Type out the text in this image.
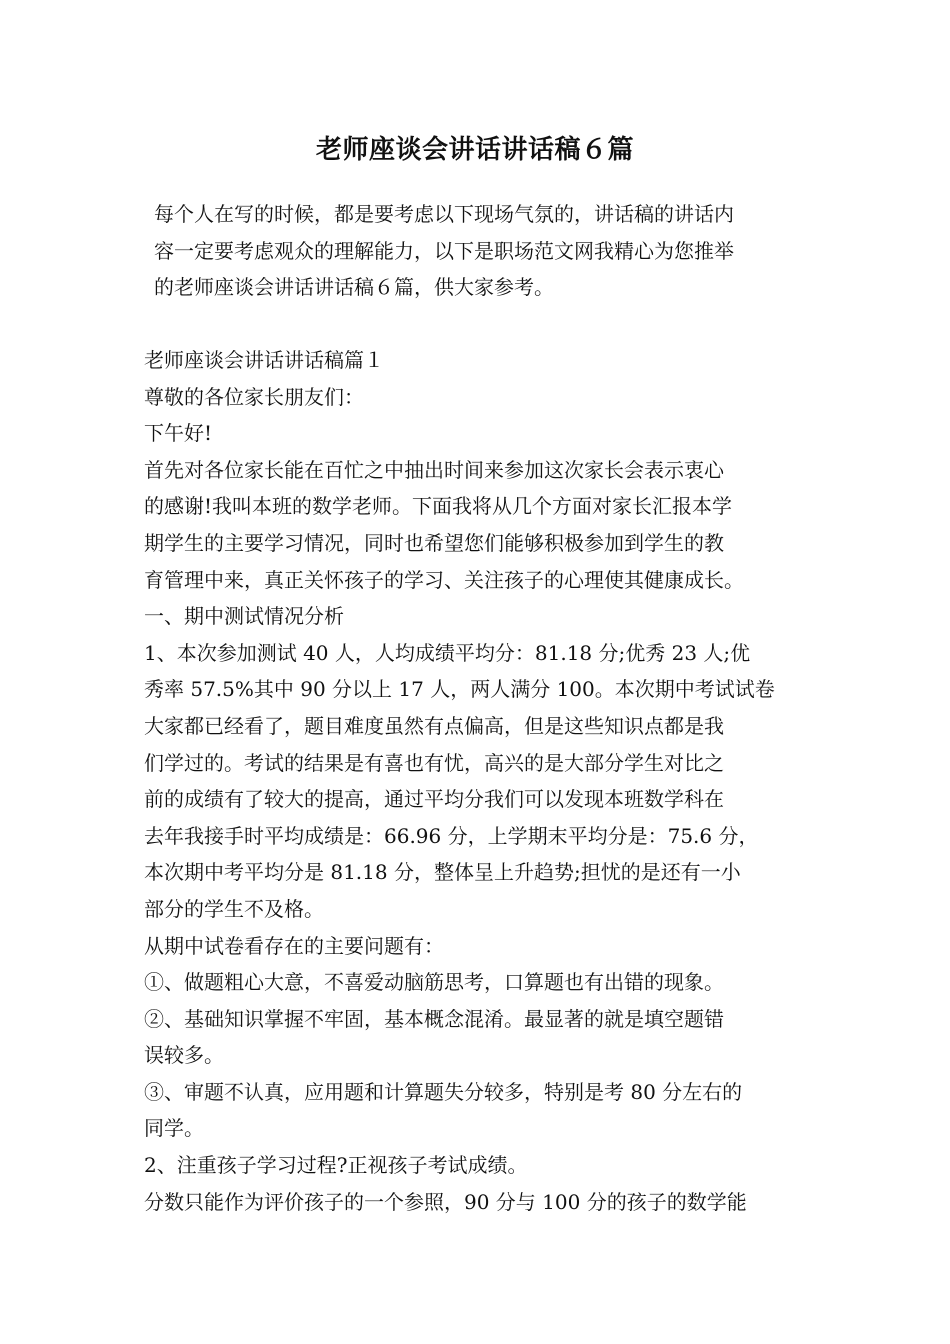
老师座谈会讲话讲话稿６篇
每个人在写的时候，都是要考虑以下现场气氛的，讲话稿的讲话内
容一定要考虑观众的理解能力，以下是职场范文网我精心为您推举
的老师座谈会讲话讲话稿６篇，供大家参考。
老师座谈会讲话讲话稿篇１
尊敬的各位家长朋友们：
下午好!
首先对各位家长能在百忙之中抽出时间来参加这次家长会表示衷心
的感谢!我叫本班的数学老师。下面我将从几个方面对家长汇报本学
期学生的主要学习情况，同时也希望您们能够积极参加到学生的教
育管理中来，真正关怀孩子的学习、关注孩子的心理使其健康成长。
一、期中测试情况分析
1、本次参加测试 40 人，人均成绩平均分：81.18 分;优秀 23 人;优
秀率 57.5%其中 90 分以上 17 人，两人满分 100。本次期中考试试卷
大家都已经看了，题目难度虽然有点偏高，但是这些知识点都是我
们学过的。考试的结果是有喜也有忧，高兴的是大部分学生对比之
前的成绩有了较大的提高，通过平均分我们可以发现本班数学科在
去年我接手时平均成绩是：66.96 分，上学期末平均分是：75.6 分，
本次期中考平均分是 81.18 分，整体呈上升趋势;担忧的是还有一小
部分的学生不及格。
从期中试卷看存在的主要问题有：
①、做题粗心大意，不喜爱动脑筋思考，口算题也有出错的现象。
②、基础知识掌握不牢固，基本概念混淆。最显著的就是填空题错
误较多。
③、审题不认真，应用题和计算题失分较多，特别是考 80 分左右的
同学。
2、注重孩子学习过程?正视孩子考试成绩。
分数只能作为评价孩子的一个参照，90 分与 100 分的孩子的数学能
